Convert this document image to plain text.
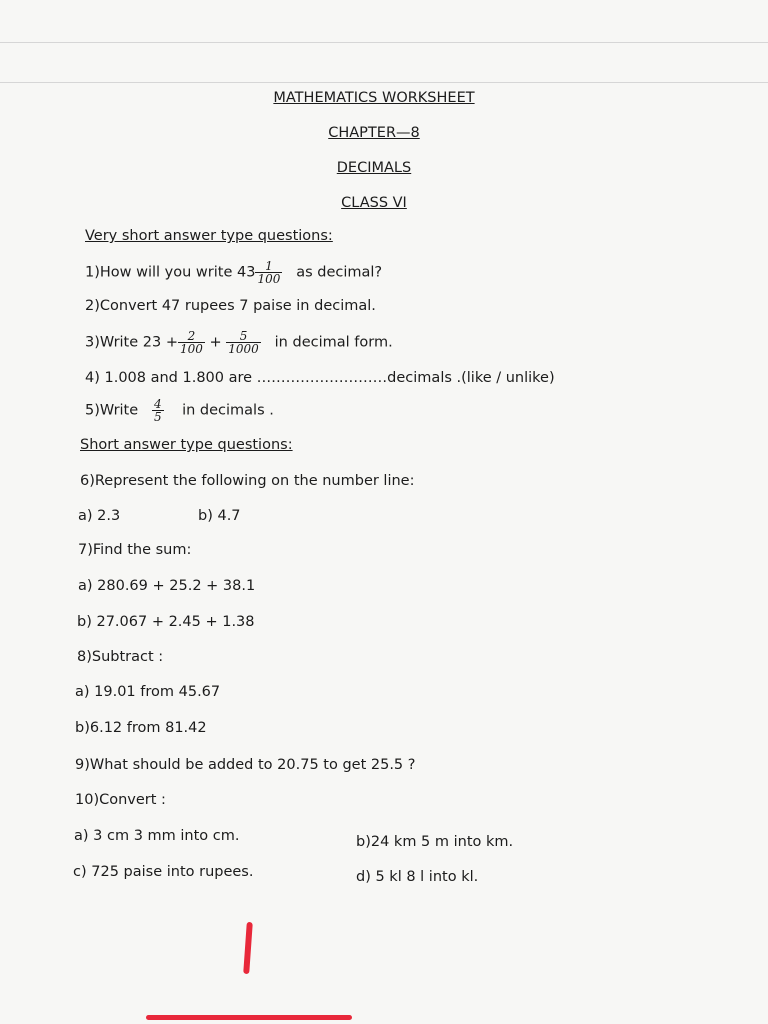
MATHEMATICS WORKSHEET
CHAPTER—8
DECIMALS
CLASS VI
Very short answer type questions:
1)How will you write $43 \frac{1}{100}$ as decimal?
2)Convert 47 rupees 7 paise in decimal.
3)Write $23 + \frac{2}{100} + \frac{5}{1000}$ in decimal form.
4) 1.008 and 1.800 are ………………………decimals .(like / unlike)
5)Write $\frac{4}{5}$ in decimals .
Short answer type questions:
6)Represent the following on the number line:
a) 2.3	b) 4.7
7)Find the sum:
a) 280.69 + 25.2 + 38.1
b) 27.067 + 2.45 + 1.38
8)Subtract :
a) 19.01 from 45.67
b)6.12 from 81.42
9)What should be added to 20.75 to get 25.5 ?
10)Convert :
a) 3 cm 3 mm into cm.	b)24 km 5 m into km.
c) 725 paise into rupees.	d) 5 kl 8 l into kl.
